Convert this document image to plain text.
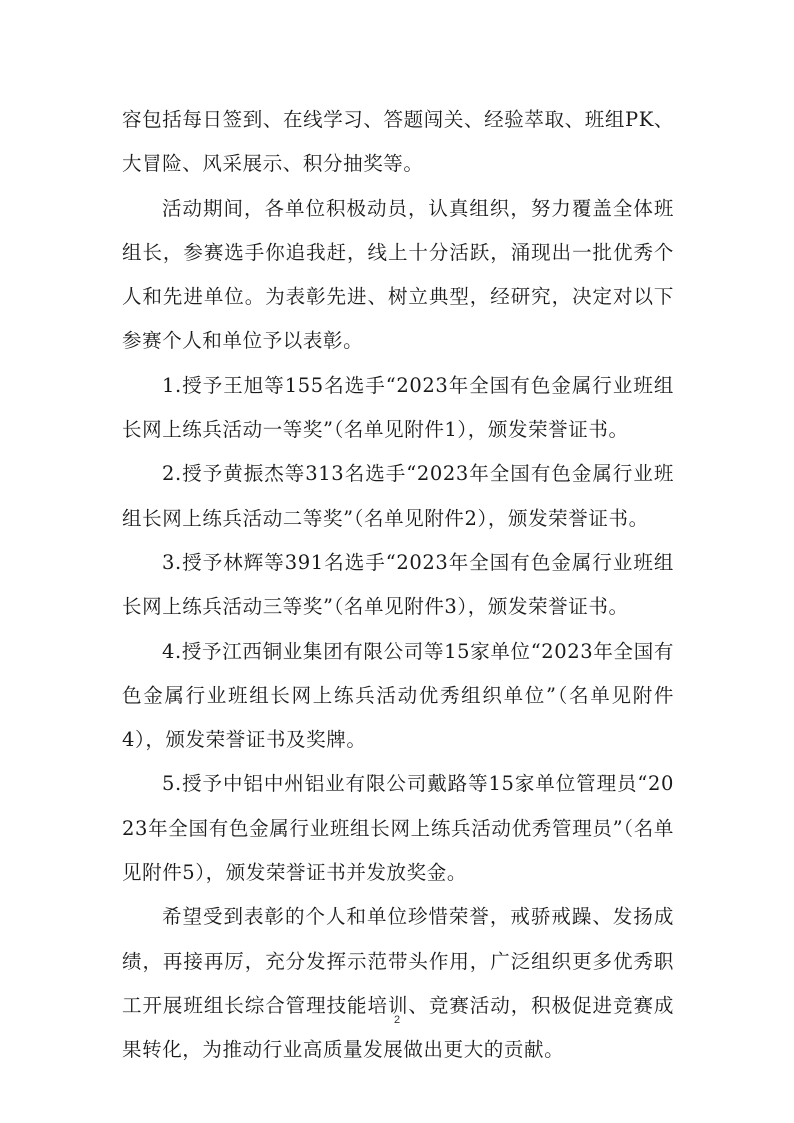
容包括每日签到、在线学习、答题闯关、经验萃取、班组PK、大冒险、风采展示、积分抽奖等。

活动期间，各单位积极动员，认真组织，努力覆盖全体班组长，参赛选手你追我赶，线上十分活跃，涌现出一批优秀个人和先进单位。为表彰先进、树立典型，经研究，决定对以下参赛个人和单位予以表彰。

1.授予王旭等155名选手“2023年全国有色金属行业班组长网上练兵活动一等奖”（名单见附件1），颁发荣誉证书。

2.授予黄振杰等313名选手“2023年全国有色金属行业班组长网上练兵活动二等奖”（名单见附件2），颁发荣誉证书。

3.授予林辉等391名选手“2023年全国有色金属行业班组长网上练兵活动三等奖”（名单见附件3），颁发荣誉证书。

4.授予江西铜业集团有限公司等15家单位“2023年全国有色金属行业班组长网上练兵活动优秀组织单位”（名单见附件4），颁发荣誉证书及奖牌。

5.授予中铝中州铝业有限公司戴路等15家单位管理员“2023年全国有色金属行业班组长网上练兵活动优秀管理员”（名单见附件5），颁发荣誉证书并发放奖金。

希望受到表彰的个人和单位珍惜荣誉，戒骄戒躁、发扬成绩，再接再厉，充分发挥示范带头作用，广泛组织更多优秀职工开展班组长综合管理技能培训、竞赛活动，积极促进竞赛成果转化，为推动行业高质量发展做出更大的贡献。

2
